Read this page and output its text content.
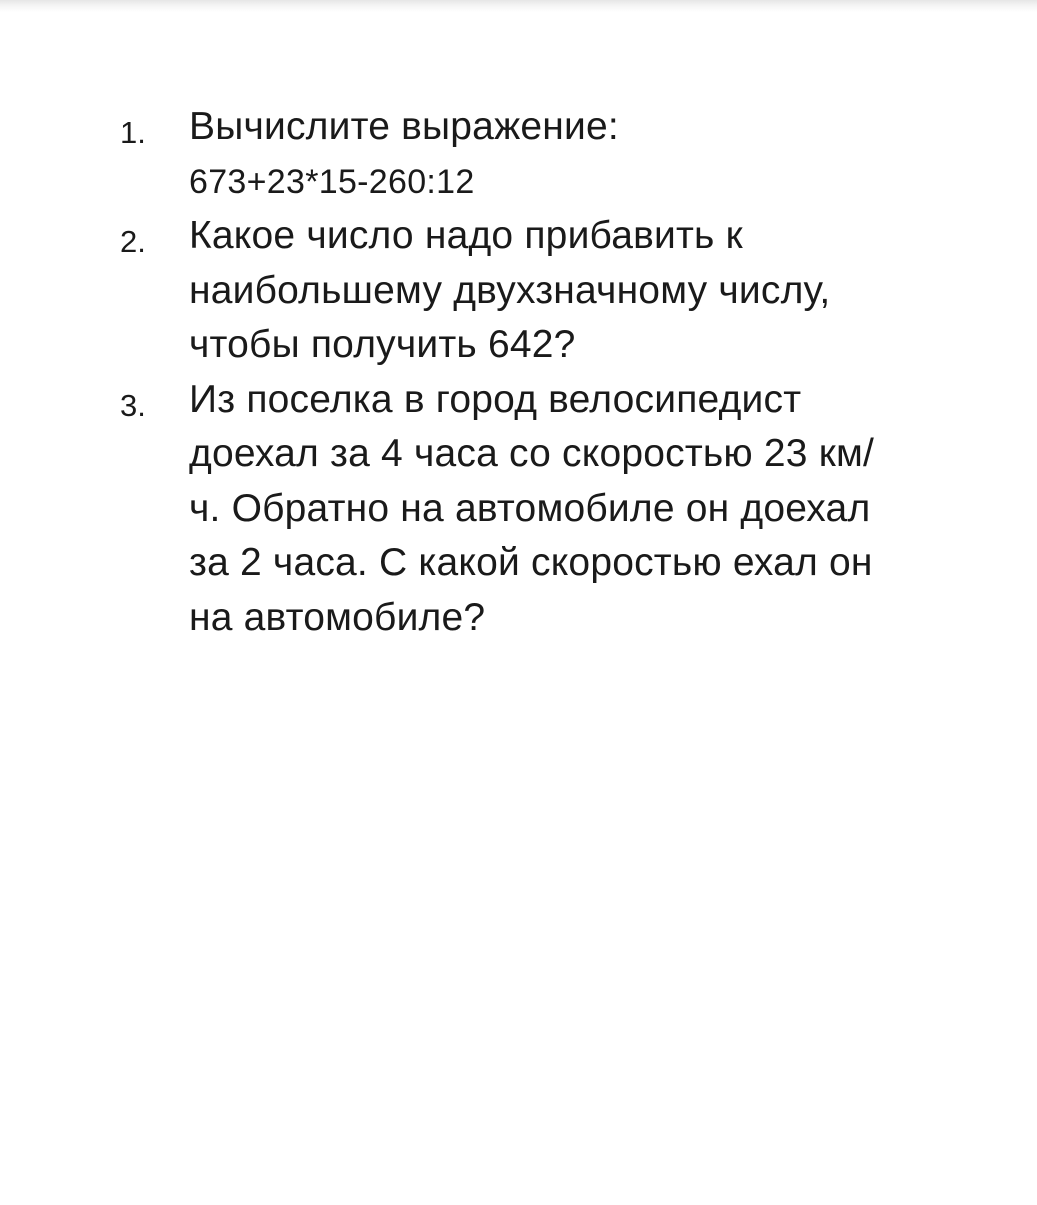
1. Вычислите выражение:

673+23*15-260:12

2. Какое число надо прибавить к
наибольшему двухзначному числу,
чтобы получить 642?

3. Из поселка в город велосипедист
доехал за 4 часа со скоростью 23 км/
ч. Обратно на автомобиле он доехал
за 2 часа. С какой скоростью ехал он
на автомобиле?
